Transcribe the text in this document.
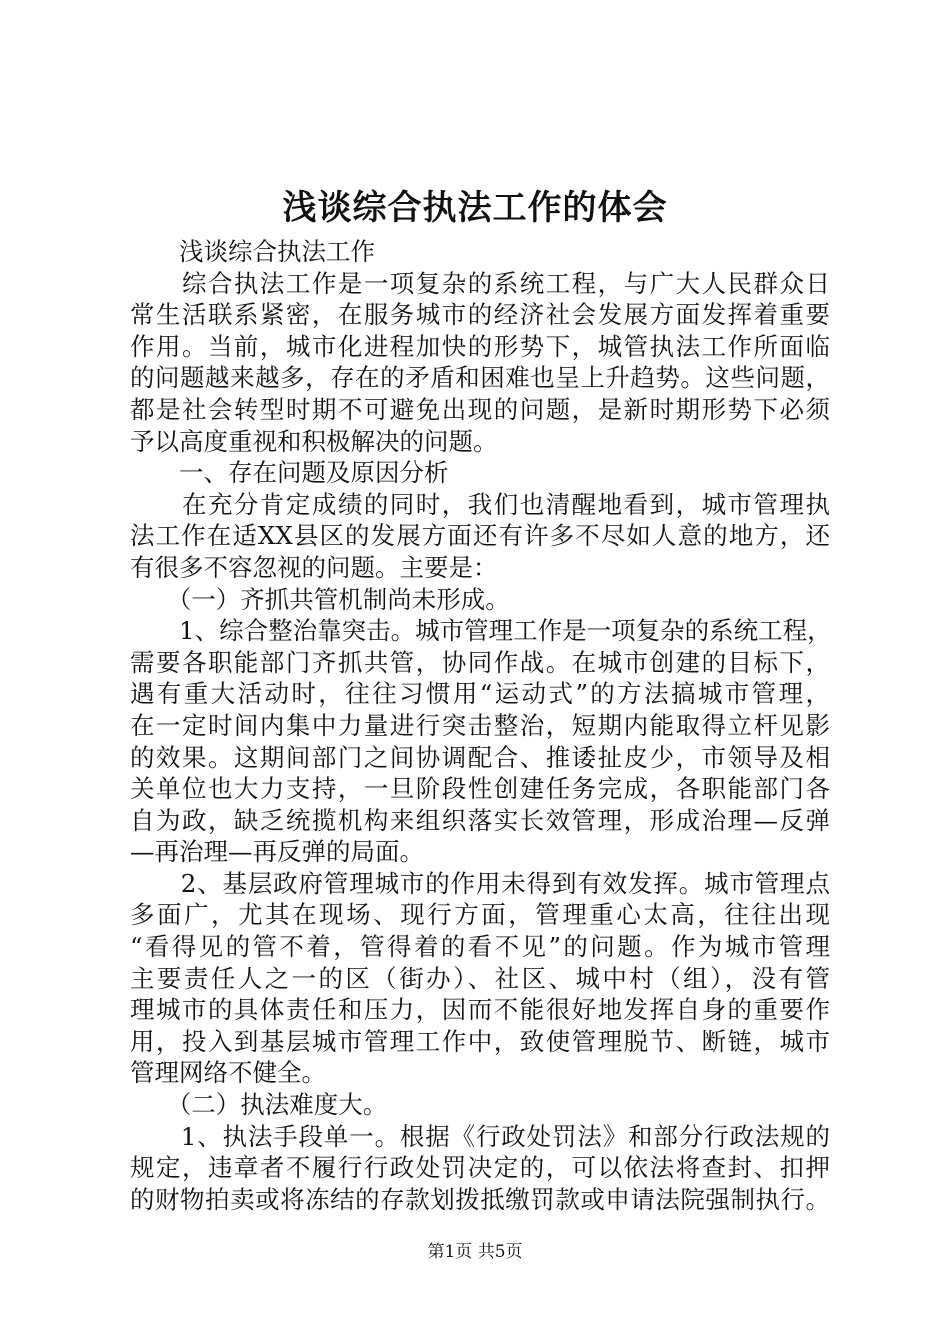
浅谈综合执法工作的体会
　　浅谈综合执法工作
　　综合执法工作是一项复杂的系统工程，与广大人民群众日
常生活联系紧密，在服务城市的经济社会发展方面发挥着重要
作用。当前，城市化进程加快的形势下，城管执法工作所面临
的问题越来越多，存在的矛盾和困难也呈上升趋势。这些问题，
都是社会转型时期不可避免出现的问题，是新时期形势下必须
予以高度重视和积极解决的问题。
　　一、存在问题及原因分析
　　在充分肯定成绩的同时，我们也清醒地看到，城市管理执
法工作在适XX县区的发展方面还有许多不尽如人意的地方，还
有很多不容忽视的问题。主要是：
　　（一）齐抓共管机制尚未形成。
　　1、综合整治靠突击。城市管理工作是一项复杂的系统工程，
需要各职能部门齐抓共管，协同作战。在城市创建的目标下，
遇有重大活动时，往往习惯用“运动式”的方法搞城市管理，
在一定时间内集中力量进行突击整治，短期内能取得立杆见影
的效果。这期间部门之间协调配合、推诿扯皮少，市领导及相
关单位也大力支持，一旦阶段性创建任务完成，各职能部门各
自为政，缺乏统揽机构来组织落实长效管理，形成治理—反弹
—再治理—再反弹的局面。
　　2、基层政府管理城市的作用未得到有效发挥。城市管理点
多面广，尤其在现场、现行方面，管理重心太高，往往出现
“看得见的管不着，管得着的看不见”的问题。作为城市管理
主要责任人之一的区（街办）、社区、城中村（组），没有管
理城市的具体责任和压力，因而不能很好地发挥自身的重要作
用，投入到基层城市管理工作中，致使管理脱节、断链，城市
管理网络不健全。
　　（二）执法难度大。
　　1、执法手段单一。根据《行政处罚法》和部分行政法规的
规定，违章者不履行行政处罚决定的，可以依法将查封、扣押
的财物拍卖或将冻结的存款划拨抵缴罚款或申请法院强制执行。
第1页 共5页
